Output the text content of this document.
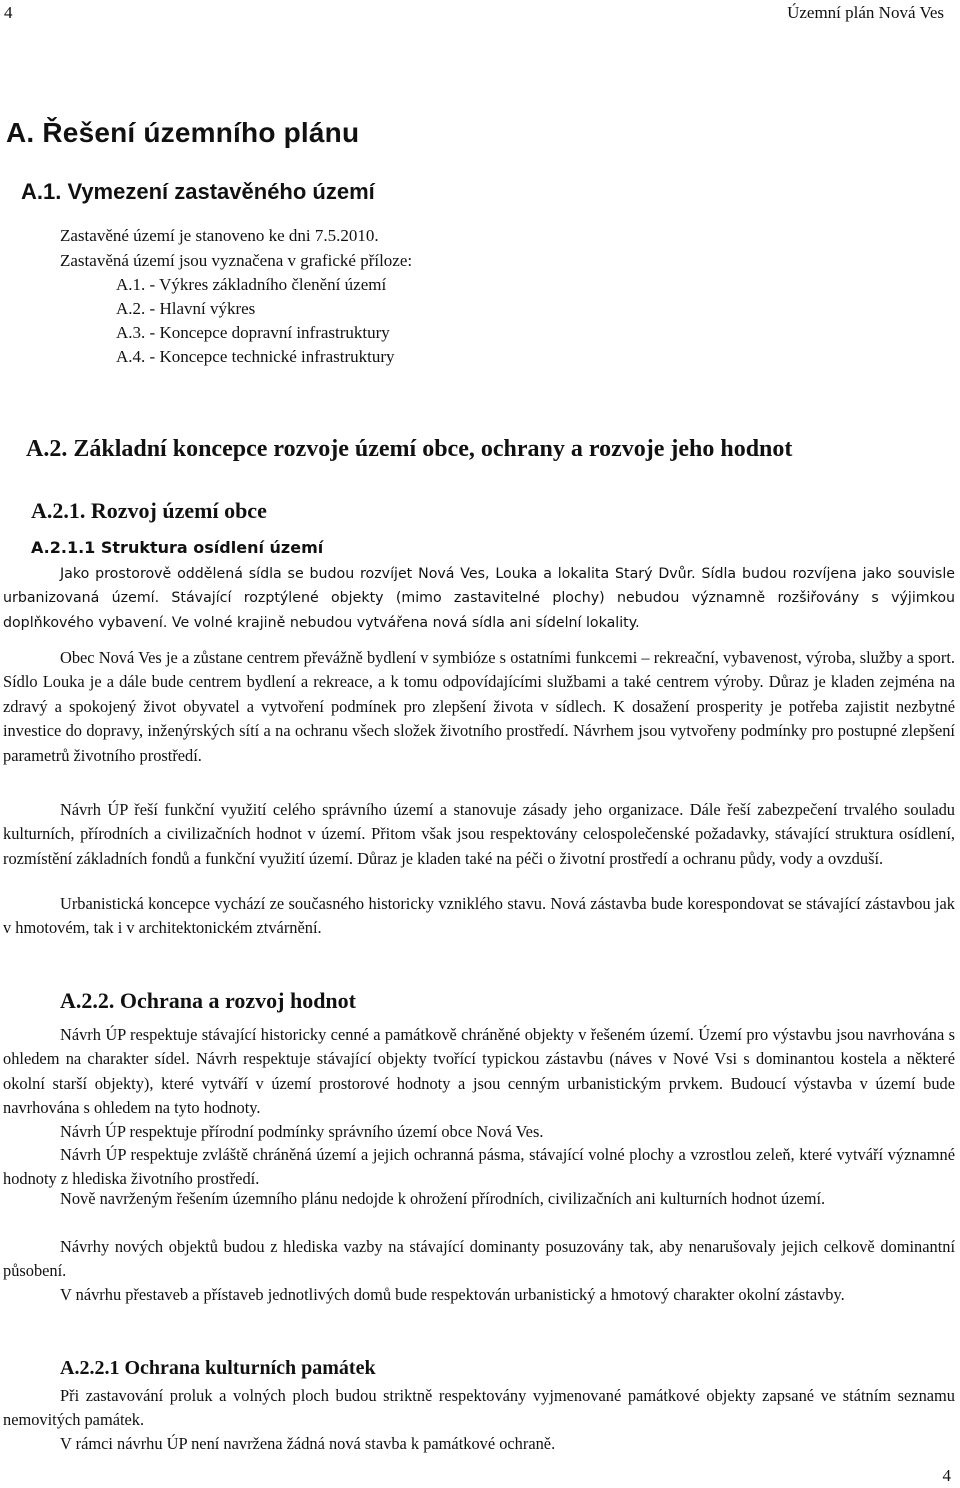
4	Územní plán Nová Ves
A. Řešení územního plánu
A.1. Vymezení zastavěného území
Zastavěné území je stanoveno ke dni 7.5.2010.
Zastavěná území jsou vyznačena v grafické příloze:
A.1. - Výkres základního členění území
A.2. - Hlavní výkres
A.3. - Koncepce dopravní infrastruktury
A.4. - Koncepce technické infrastruktury
A.2. Základní koncepce rozvoje území obce, ochrany a rozvoje jeho hodnot
A.2.1. Rozvoj území obce
A.2.1.1 Struktura osídlení území

Jako prostorově oddělená sídla se budou rozvíjet Nová Ves, Louka a lokalita Starý Dvůr. Sídla budou rozvíjena jako souvisle urbanizovaná území. Stávající rozptýlené objekty (mimo zastavitelné plochy) nebudou významně rozšiřovány s výjimkou doplňkového vybavení. Ve volné krajině nebudou vytvářena nová sídla ani sídelní lokality.

Obec Nová Ves je a zůstane centrem převážně bydlení v symbióze s ostatními funkcemi – rekreační, vybavenost, výroba, služby a sport. Sídlo Louka je a dále bude centrem bydlení a rekreace, a k tomu odpovídajícími službami a také centrem výroby. Důraz je kladen zejména na zdravý a spokojený život obyvatel a vytvoření podmínek pro zlepšení života v sídlech. K dosažení prosperity je potřeba zajistit nezbytné investice do dopravy, inženýrských sítí a na ochranu všech složek životního prostředí. Návrhem jsou vytvořeny podmínky pro postupné zlepšení parametrů životního prostředí.

Návrh ÚP řeší funkční využití celého správního území a stanovuje zásady jeho organizace. Dále řeší zabezpečení trvalého souladu kulturních, přírodních a civilizačních hodnot v území. Přitom však jsou respektovány celospolečenské požadavky, stávající struktura osídlení, rozmístění základních fondů a funkční využití území. Důraz je kladen také na péči o životní prostředí a ochranu půdy, vody a ovzduší.

Urbanistická koncepce vychází ze současného historicky vzniklého stavu. Nová zástavba bude korespondovat se stávající zástavbou jak v hmotovém, tak i v architektonickém ztvárnění.

A.2.2. Ochrana a rozvoj hodnot

Návrh ÚP respektuje stávající historicky cenné a památkově chráněné objekty v řešeném území. Území pro výstavbu jsou navrhována s ohledem na charakter sídel. Návrh respektuje stávající objekty tvořící typickou zástavbu (náves v Nové Vsi s dominantou kostela a některé okolní starší objekty), které vytváří v území prostorové hodnoty a jsou cenným urbanistickým prvkem. Budoucí výstavba v území bude navrhována s ohledem na tyto hodnoty.

Návrh ÚP respektuje přírodní podmínky správního území obce Nová Ves.

Návrh ÚP respektuje zvláště chráněná území a jejich ochranná pásma, stávající volné plochy a vzrostlou zeleň, které vytváří významné hodnoty z hlediska životního prostředí.

Nově navrženým řešením územního plánu nedojde k ohrožení přírodních, civilizačních ani kulturních hodnot území.

Návrhy nových objektů budou z hlediska vazby na stávající dominanty posuzovány tak, aby nenarušovaly jejich celkově dominantní působení.

V návrhu přestaveb a přístaveb jednotlivých domů bude respektován urbanistický a hmotový charakter okolní zástavby.

A.2.2.1 Ochrana kulturních památek

Při zastavování proluk a volných ploch budou striktně respektovány vyjmenované památkové objekty zapsané ve státním seznamu nemovitých památek.

V rámci návrhu ÚP není navržena žádná nová stavba k památkové ochraně.

4
